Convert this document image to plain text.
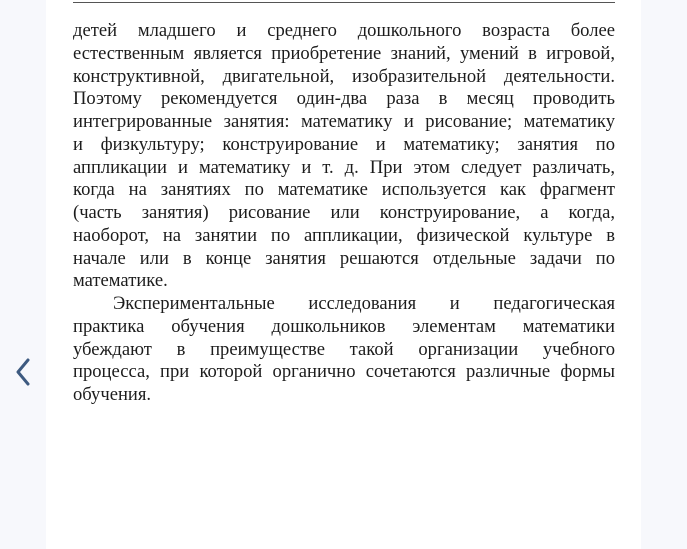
детей младшего и среднего дошкольного возраста более
естественным является приобретение знаний, умений в игровой,
конструктивной, двигательной, изобразительной деятельности.
Поэтому рекомендуется один-два раза в месяц проводить
интегрированные занятия: математику и рисование; математику
и физкультуру; конструирование и математику; занятия по
аппликации и математику и т. д. При этом следует различать,
когда на занятиях по математике используется как фрагмент
(часть занятия) рисование или конструирование, а когда,
наоборот, на занятии по аппликации, физической культуре в
начале или в конце занятия решаются отдельные задачи по
математике.
Экспериментальные исследования и педагогическая
практика обучения дошкольников элементам математики
убеждают в преимуществе такой организации учебного
процесса, при которой органично сочетаются различные формы
обучения.
